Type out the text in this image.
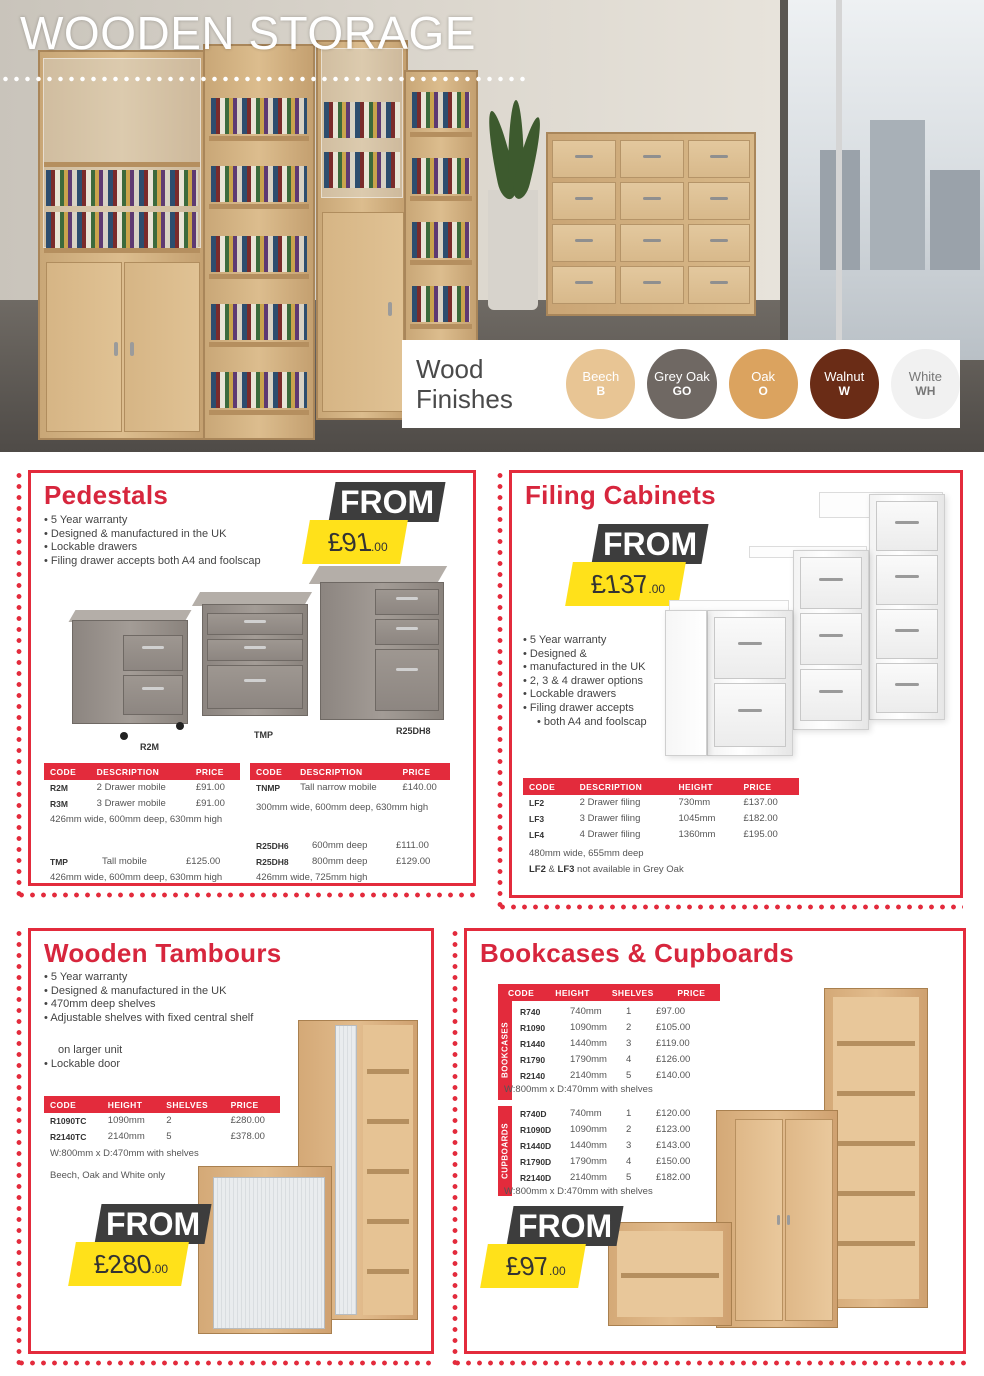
WOODEN STORAGE
Wood
Finishes
Beech
B
Grey Oak
GO
Oak
O
Walnut
W
White
WH
Pedestals
• 5 Year warranty
• Designed & manufactured in the UK
• Lockable drawers
• Filing drawer accepts both A4 and foolscap
FROM
£91.00
R2M
TMP	R25DH8
CODE	DESCRIPTION	PRICE
R2M	2 Drawer mobile	£91.00
R3M	3 Drawer mobile	£91.00
426mm wide, 600mm deep, 630mm high
TMP	Tall mobile	£125.00
426mm wide, 600mm deep, 630mm high
CODE	DESCRIPTION	PRICE
TNMP	Tall narrow mobile	£140.00
300mm wide, 600mm deep, 630mm high
R25DH6	600mm deep	£111.00
R25DH8	800mm deep	£129.00
426mm wide, 725mm high
Filing Cabinets
FROM
£137.00
• 5 Year warranty
• Designed &
• manufactured in the UK
• 2, 3 & 4 drawer options
• Lockable drawers
• Filing drawer accepts
• both A4 and foolscap
CODE	DESCRIPTION	HEIGHT	PRICE
LF2	2 Drawer filing	730mm	£137.00
LF3	3 Drawer filing	1045mm	£182.00
LF4	4 Drawer filing	1360mm	£195.00
480mm wide, 655mm deep
LF2 & LF3 not available in Grey Oak
Wooden Tambours
• 5 Year warranty
• Designed & manufactured in the UK
• 470mm deep shelves
• Adjustable shelves with fixed central shelf
on larger unit
• Lockable door
CODE	HEIGHT	SHELVES	PRICE
R1090TC	1090mm	2	£280.00
R2140TC	2140mm	5	£378.00
W:800mm x D:470mm with shelves
Beech, Oak and White only
FROM
£280.00
Bookcases & Cupboards
BOOKCASES
CUPBOARDS
CODE	HEIGHT	SHELVES	PRICE
R740	740mm	1	£97.00
R1090	1090mm	2	£105.00
R1440	1440mm	3	£119.00
R1790	1790mm	4	£126.00
R2140	2140mm	5	£140.00
W:800mm x D:470mm with shelves
R740D	740mm	1	£120.00
R1090D	1090mm	2	£123.00
R1440D	1440mm	3	£143.00
R1790D	1790mm	4	£150.00
R2140D	2140mm	5	£182.00
W:800mm x D:470mm with shelves
FROM
£97.00
